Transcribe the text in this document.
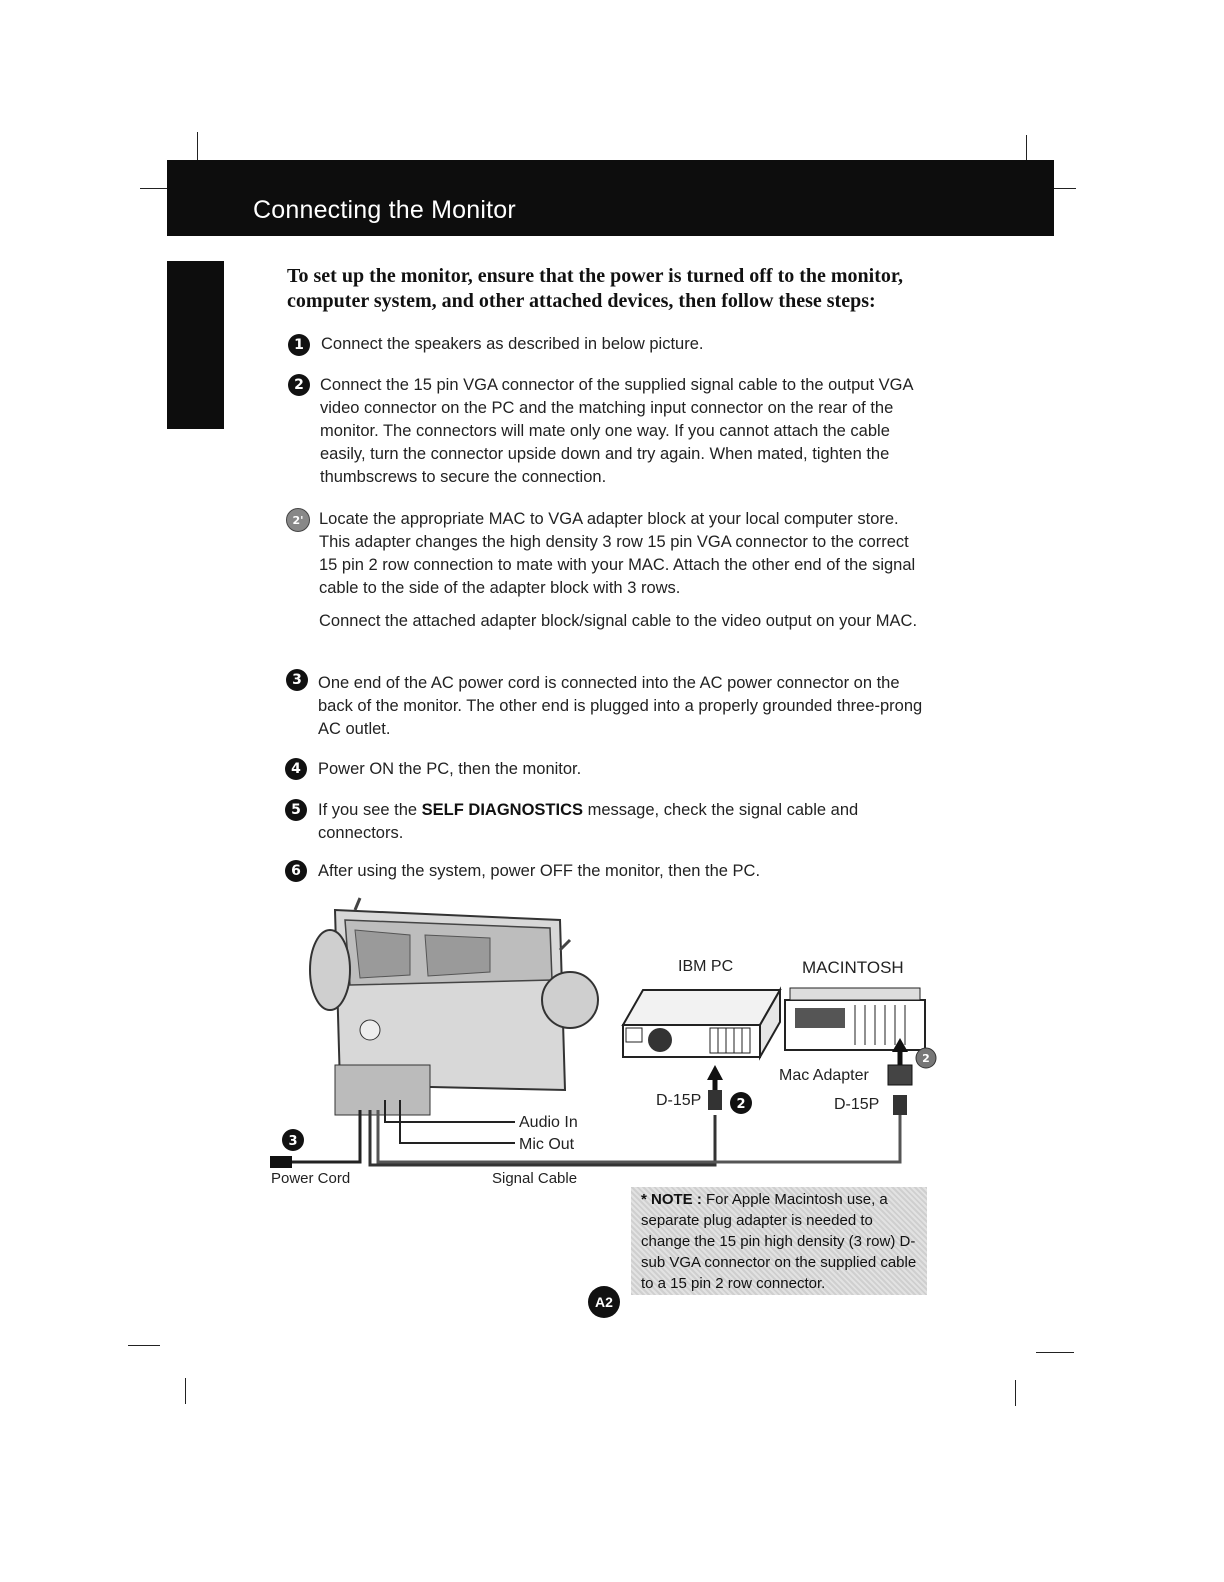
Connecting the Monitor
To set up the monitor, ensure that the power is turned off to the monitor, computer system, and other attached devices, then follow these steps:
1	Connect the speakers as described in below picture.
2 Connect the 15 pin VGA connector of the supplied signal cable to the output VGA video connector on the PC and the matching input connector on the rear of the monitor. The connectors will mate only one way. If you cannot attach the cable easily, turn the connector upside down and try again. When mated, tighten the thumbscrews to secure the connection.
2' Locate the appropriate MAC to VGA adapter block at your local computer store. This adapter changes the high density 3 row 15 pin VGA connector to the correct 15 pin 2 row connection to mate with your MAC. Attach the other end of the signal cable to the side of the adapter block with 3 rows.
Connect the attached adapter block/signal cable to the video output on your MAC.
3 One end of the AC power cord is connected into the AC power connector on the back of the monitor. The other end is plugged into a properly grounded three-prong AC outlet.
4	Power ON the PC, then the monitor.
5	If you see the SELF DIAGNOSTICS message, check the signal cable and connectors.
6	After using the system, power OFF the monitor, then the PC.
3
2
2
IBM PC	MACINTOSH
Mac Adapter
D-15P	D-15P
Audio In
Mic Out
Power Cord	Signal Cable
* NOTE : For Apple Macintosh use, a separate plug adapter is needed to change the 15 pin high density (3 row) D-sub VGA connector on the supplied cable to a 15 pin 2 row connector.
A2
